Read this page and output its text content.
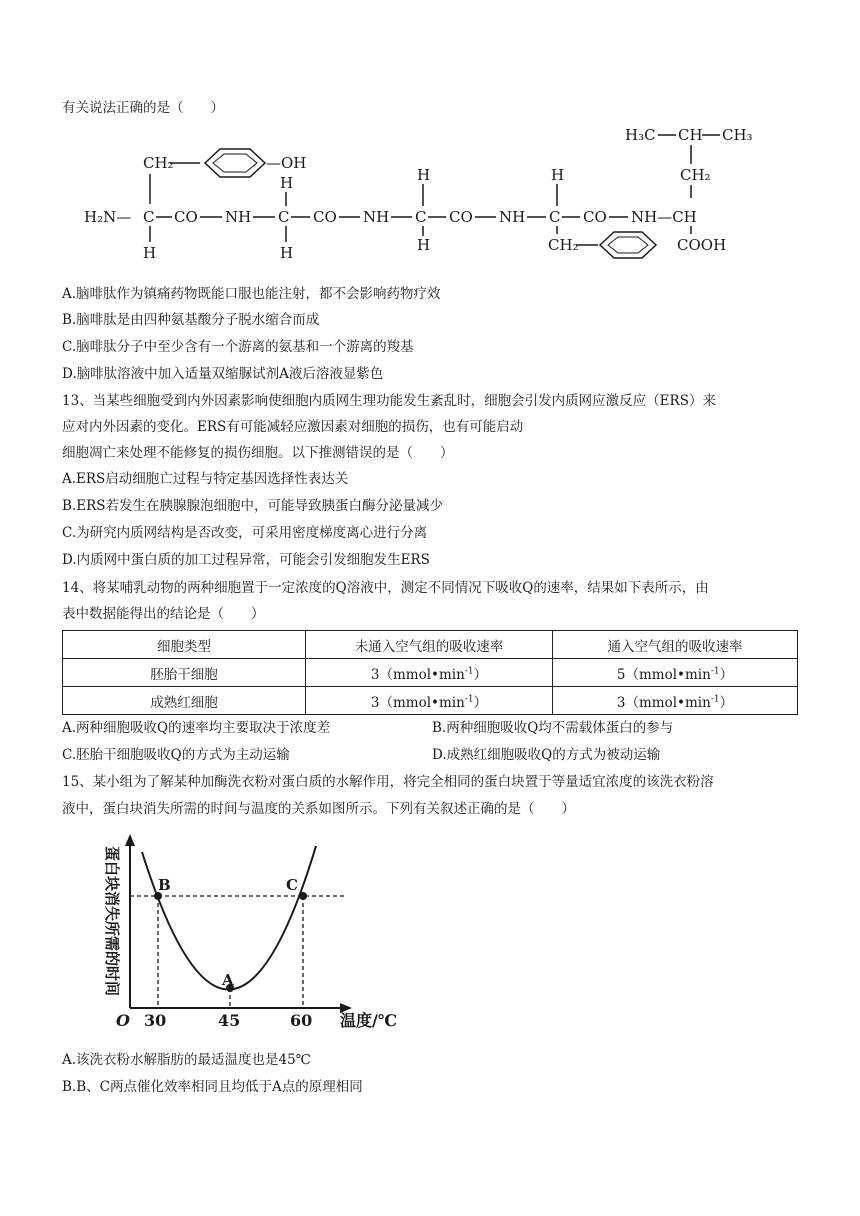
有关说法正确的是（　　）
H₃C CH CH₃
CH₂
CH₂	—OH
H₂N— C CO NH C CO NH C CO NH C CO NH—CH
H
H
H
H
H
H
CH₂	COOH
A.脑啡肽作为镇痛药物既能口服也能注射，都不会影响药物疗效
B.脑啡肽是由四种氨基酸分子脱水缩合而成
C.脑啡肽分子中至少含有一个游离的氨基和一个游离的羧基
D.脑啡肽溶液中加入适量双缩脲试剂A液后溶液显紫色
13、当某些细胞受到内外因素影响使细胞内质网生理功能发生紊乱时，细胞会引发内质网应激反应（ERS）来
应对内外因素的变化。ERS有可能减轻应激因素对细胞的损伤，也有可能启动
细胞凋亡来处理不能修复的损伤细胞。以下推测错误的是（　　）
A.ERS启动细胞亡过程与特定基因选择性表达关
B.ERS若发生在胰腺腺泡细胞中，可能导致胰蛋白酶分泌量减少
C.为研究内质网结构是否改变，可采用密度梯度离心进行分离
D.内质网中蛋白质的加工过程异常，可能会引发细胞发生ERS
14、将某哺乳动物的两种细胞置于一定浓度的Q溶液中，测定不同情况下吸收Q的速率，结果如下表所示，由
表中数据能得出的结论是（　　）
细胞类型	未通入空气组的吸收速率	通入空气组的吸收速率
胚胎干细胞	$3(mmol•\min^{-1})$	$5(mmol•\min^{-1})$
成熟红细胞	$3(mmol•\min^{-1})$	$3(mmol•\min^{-1})$
A.两种细胞吸收Q的速率均主要取决于浓度差	B.两种细胞吸收Q均不需载体蛋白的参与
C.胚胎干细胞吸收Q的方式为主动运输	D.成熟红细胞吸收Q的方式为被动运输
15、某小组为了解某种加酶洗衣粉对蛋白质的水解作用，将完全相同的蛋白块置于等量适宜浓度的该洗衣粉溶
液中，蛋白块消失所需的时间与温度的关系如图所示。下列有关叙述正确的是（　　）
蛋白块消失所需的时间 B
A
C
O 30	45	60 温度/℃
A.该洗衣粉水解脂肪的最适温度也是45℃
B.B、C两点催化效率相同且均低于A点的原理相同
